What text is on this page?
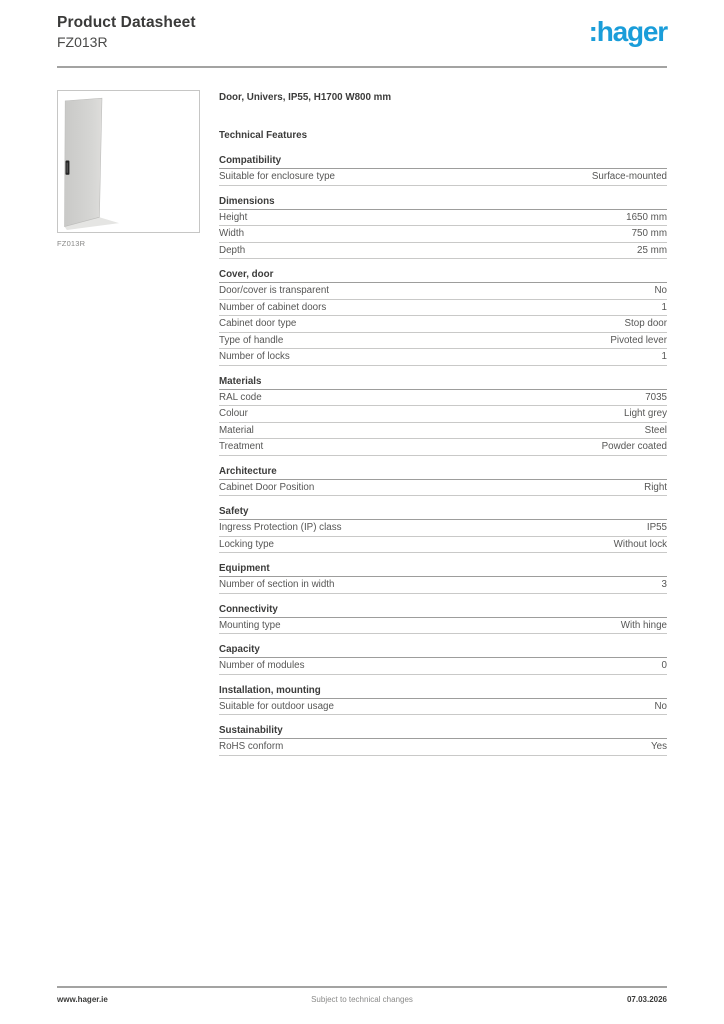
Product Datasheet
FZ013R	:hager
FZ013R
Door, Univers, IP55, H1700 W800 mm
Technical Features
Compatibility
Suitable for enclosure type	Surface-mounted
Dimensions
Height	1650 mm
Width	750 mm
Depth	25 mm
Cover, door
Door/cover is transparent	No
Number of cabinet doors	1
Cabinet door type	Stop door
Type of handle	Pivoted lever
Number of locks	1
Materials
RAL code	7035
Colour	Light grey
Material	Steel
Treatment	Powder coated
Architecture
Cabinet Door Position	Right
Safety
Ingress Protection (IP) class	IP55
Locking type	Without lock
Equipment
Number of section in width	3
Connectivity
Mounting type	With hinge
Capacity
Number of modules	0
Installation, mounting
Suitable for outdoor usage	No
Sustainability
RoHS conform	Yes
www.hager.ie	Subject to technical changes	07.03.2026
